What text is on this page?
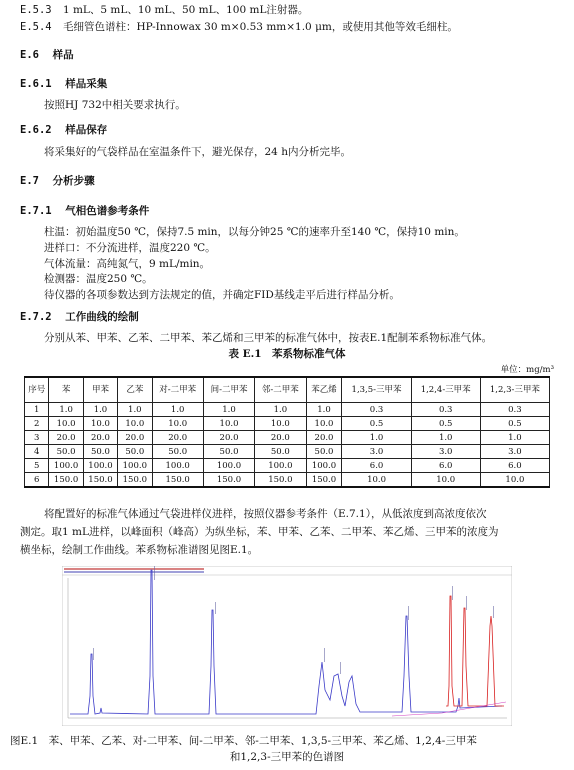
E.5.3 1 mL、5 mL、10 mL、50 mL、100 mL注射器。
E.5.4 毛细管色谱柱：HP-Innowax 30 m×0.53 mm×1.0 μm，或使用其他等效毛细柱。
E.6 样品
E.6.1 样品采集
按照HJ 732中相关要求执行。
E.6.2 样品保存
将采集好的气袋样品在室温条件下，避光保存，24 h内分析完毕。
E.7 分析步骤
E.7.1 气相色谱参考条件
柱温：初始温度50 ℃，保持7.5 min，以每分钟25 ℃的速率升至140 ℃，保持10 min。
进样口：不分流进样，温度220 ℃。
气体流量：高纯氮气，9 mL/min。
检测器：温度250 ℃。
待仪器的各项参数达到方法规定的值，并确定FID基线走平后进行样品分析。
E.7.2 工作曲线的绘制
分别从苯、甲苯、乙苯、二甲苯、苯乙烯和三甲苯的标准气体中，按表E.1配制苯系物标准气体。
表 E.1　苯系物标准气体
单位：mg/m³
序号	苯	甲苯	乙苯	对-二甲苯	间-二甲苯	邻-二甲苯	苯乙烯	1,3,5-三甲苯	1,2,4-三甲苯	1,2,3-三甲苯
1	1.0	1.0	1.0	1.0	1.0	1.0	1.0	0.3	0.3	0.3
2	10.0	10.0	10.0	10.0	10.0	10.0	10.0	0.5	0.5	0.5
3	20.0	20.0	20.0	20.0	20.0	20.0	20.0	1.0	1.0	1.0
4	50.0	50.0	50.0	50.0	50.0	50.0	50.0	3.0	3.0	3.0
5	100.0	100.0	100.0	100.0	100.0	100.0	100.0	6.0	6.0	6.0
6	150.0	150.0	150.0	150.0	150.0	150.0	150.0	10.0	10.0	10.0
将配置好的标准气体通过气袋进样仪进样，按照仪器参考条件（E.7.1），从低浓度到高浓度依次
测定。取1 mL进样，以峰面积（峰高）为纵坐标，苯、甲苯、乙苯、二甲苯、苯乙烯、三甲苯的浓度为
横坐标，绘制工作曲线。苯系物标准谱图见图E.1。
图E.1　苯、甲苯、乙苯、对-二甲苯、间-二甲苯、邻-二甲苯、1,3,5-三甲苯、苯乙烯、1,2,4-三甲苯
和1,2,3-三甲苯的色谱图
